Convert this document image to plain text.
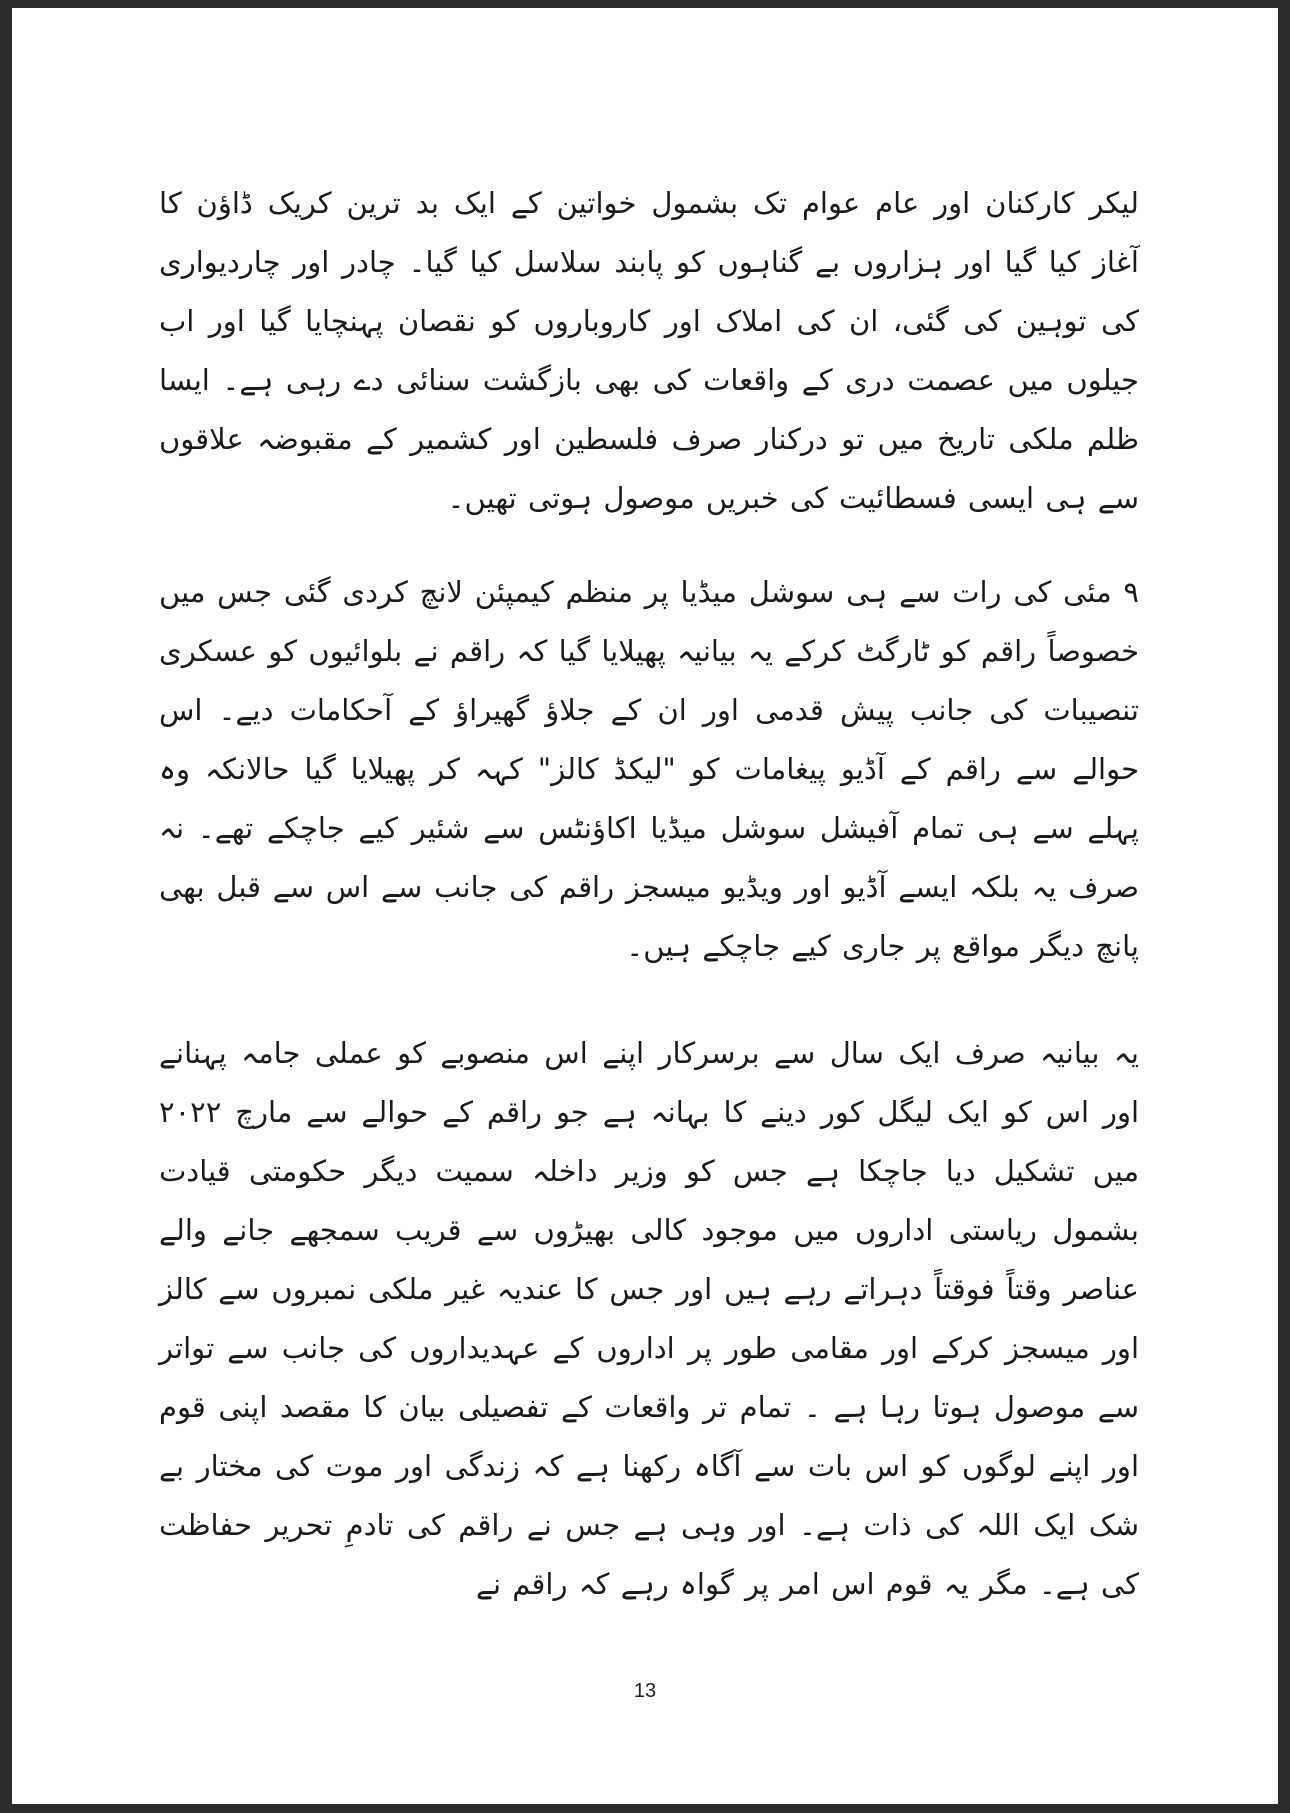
لیکر کارکنان اور عام عوام تک بشمول خواتین کے ایک بد ترین کریک ڈاؤن کا آغاز کیا گیا اور ہزاروں بے گناہوں کو پابند سلاسل کیا گیا۔ چادر اور چاردیواری کی توہین کی گئی، ان کی املاک اور کاروباروں کو نقصان پہنچایا گیا اور اب جیلوں میں عصمت دری کے واقعات کی بھی بازگشت سنائی دے رہی ہے۔ ایسا ظلم ملکی تاریخ میں تو درکنار صرف فلسطین اور کشمیر کے مقبوضہ علاقوں سے ہی ایسی فسطائیت کی خبریں موصول ہوتی تھیں۔

۹ مئی کی رات سے ہی سوشل میڈیا پر منظم کیمپئن لانچ کردی گئی جس میں خصوصاً راقم کو ٹارگٹ کرکے یہ بیانیہ پھیلایا گیا کہ راقم نے بلوائیوں کو عسکری تنصیبات کی جانب پیش قدمی اور ان کے جلاؤ گھیراؤ کے آحکامات دیے۔ اس حوالے سے راقم کے آڈیو پیغامات کو "لیکڈ کالز" کہہ کر پھیلایا گیا حالانکہ وہ پہلے سے ہی تمام آفیشل سوشل میڈیا اکاؤنٹس سے شئیر کیے جاچکے تھے۔ نہ صرف یہ بلکہ ایسے آڈیو اور ویڈیو میسجز راقم کی جانب سے اس سے قبل بھی پانچ دیگر مواقع پر جاری کیے جاچکے ہیں۔

یہ بیانیہ صرف ایک سال سے برسرکار اپنے اس منصوبے کو عملی جامہ پہنانے اور اس کو ایک لیگل کور دینے کا بہانہ ہے جو راقم کے حوالے سے مارچ ۲۰۲۲ میں تشکیل دیا جاچکا ہے جس کو وزیر داخلہ سمیت دیگر حکومتی قیادت بشمول ریاستی اداروں میں موجود کالی بھیڑوں سے قریب سمجھے جانے والے عناصر وقتاً فوقتاً دہراتے رہے ہیں اور جس کا عندیہ غیر ملکی نمبروں سے کالز اور میسجز کرکے اور مقامی طور پر اداروں کے عہدیداروں کی جانب سے تواتر سے موصول ہوتا رہا ہے ۔ تمام تر واقعات کے تفصیلی بیان کا مقصد اپنی قوم اور اپنے لوگوں کو اس بات سے آگاہ رکھنا ہے کہ زندگی اور موت کی مختار بے شک ایک اللہ کی ذات ہے۔ اور وہی ہے جس نے راقم کی تادمِ تحریر حفاظت کی ہے۔ مگر یہ قوم اس امر پر گواہ رہے کہ راقم نے

13
